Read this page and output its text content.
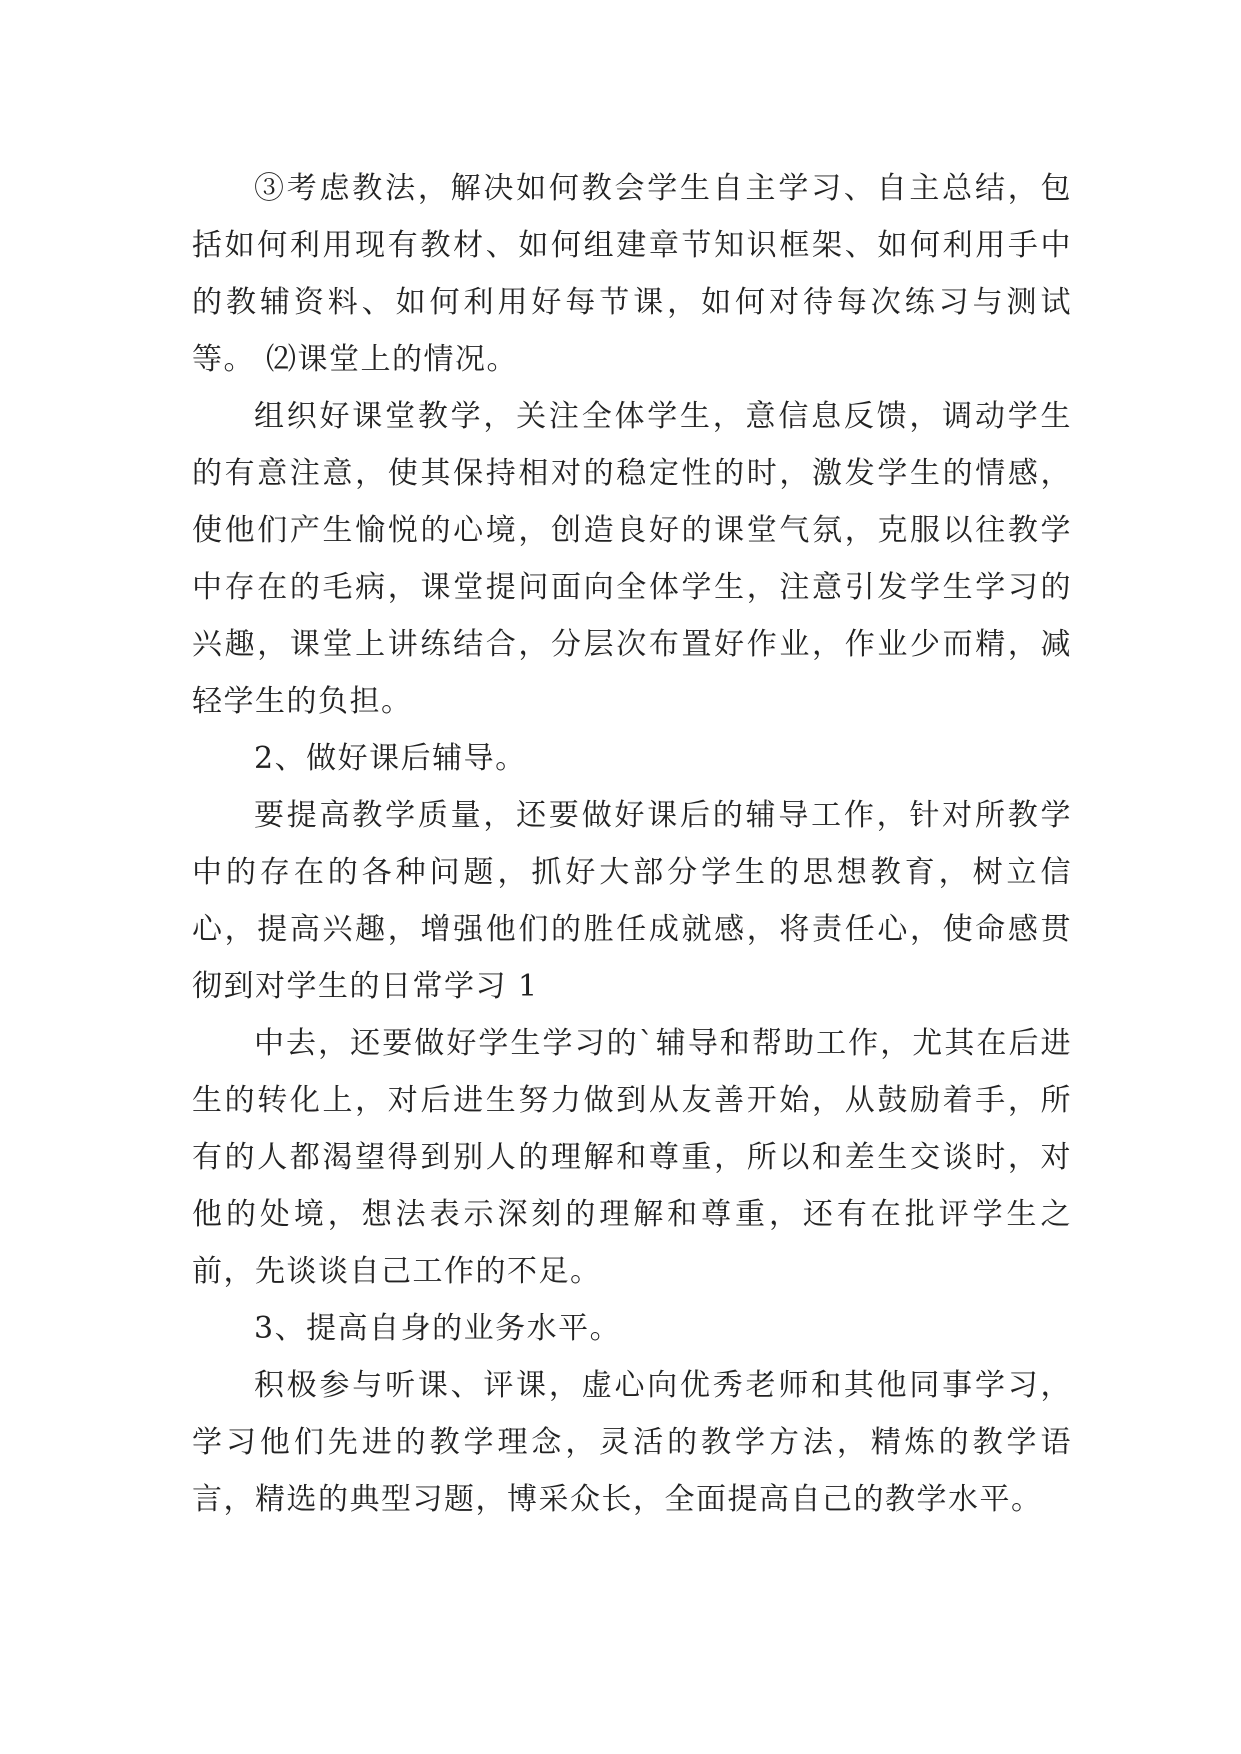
③考虑教法，解决如何教会学生自主学习、自主总结，包括如何利用现有教材、如何组建章节知识框架、如何利用手中的教辅资料、如何利用好每节课，如何对待每次练习与测试等。 ⑵课堂上的情况。

组织好课堂教学，关注全体学生，意信息反馈，调动学生的有意注意，使其保持相对的稳定性的时，激发学生的情感，使他们产生愉悦的心境，创造良好的课堂气氛，克服以往教学中存在的毛病，课堂提问面向全体学生，注意引发学生学习的兴趣，课堂上讲练结合，分层次布置好作业，作业少而精，减轻学生的负担。

2、做好课后辅导。

要提高教学质量，还要做好课后的辅导工作，针对所教学中的存在的各种问题，抓好大部分学生的思想教育，树立信心，提高兴趣，增强他们的胜任成就感，将责任心，使命感贯彻到对学生的日常学习 1

中去，还要做好学生学习的`辅导和帮助工作，尤其在后进生的转化上，对后进生努力做到从友善开始，从鼓励着手，所有的人都渴望得到别人的理解和尊重，所以和差生交谈时，对他的处境，想法表示深刻的理解和尊重，还有在批评学生之前，先谈谈自己工作的不足。

3、提高自身的业务水平。

积极参与听课、评课，虚心向优秀老师和其他同事学习，学习他们先进的教学理念，灵活的教学方法，精炼的教学语言，精选的典型习题，博采众长，全面提高自己的教学水平。
